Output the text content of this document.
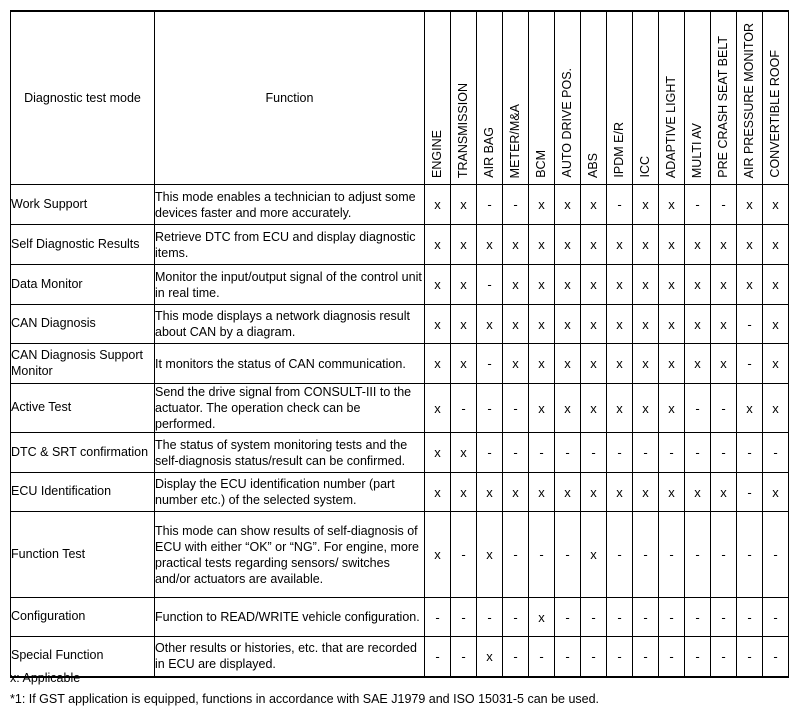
Diagnostic test mode	Function	ENGINE	TRANSMISSION	AIR BAG	METER/M&A	BCM	AUTO DRIVE POS.	ABS	IPDM E/R	ICC	ADAPTIVE LIGHT	MULTI AV	PRE CRASH SEAT BELT	AIR PRESSURE MONITOR	CONVERTIBLE ROOF

Work Support	This mode enables a technician to adjust some devices faster and more accurately.	x	x	-	-	x	x	x	-	x	x	-	-	x	x
Self Diagnostic Results	Retrieve DTC from ECU and display diagnostic items.	x	x	x	x	x	x	x	x	x	x	x	x	x	x
Data Monitor	Monitor the input/output signal of the control unit in real time.	x	x	-	x	x	x	x	x	x	x	x	x	x	x
CAN Diagnosis	This mode displays a network diagnosis result about CAN by a diagram.	x	x	x	x	x	x	x	x	x	x	x	x	-	x
CAN Diagnosis Support Monitor	It monitors the status of CAN communication.	x	x	-	x	x	x	x	x	x	x	x	x	-	x
Active Test	Send the drive signal from CONSULT-III to the actuator. The operation check can be performed.	x	-	-	-	x	x	x	x	x	x	-	-	x	x
DTC & SRT confirmation	The status of system monitoring tests and the self-diagnosis status/result can be confirmed.	x	x	-	-	-	-	-	-	-	-	-	-	-	-
ECU Identification	Display the ECU identification number (part number etc.) of the selected system.	x	x	x	x	x	x	x	x	x	x	x	x	-	x
Function Test	This mode can show results of self-diagnosis of ECU with either “OK” or “NG”. For engine, more practical tests regarding sensors/ switches and/or actuators are available.	x	-	x	-	-	-	x	-	-	-	-	-	-	-
Configuration	Function to READ/WRITE vehicle configuration.	-	-	-	-	x	-	-	-	-	-	-	-	-	-
Special Function	Other results or histories, etc. that are recorded in ECU are displayed.	-	-	x	-	-	-	-	-	-	-	-	-	-	-
x: Applicable
*1: If GST application is equipped, functions in accordance with SAE J1979 and ISO 15031-5 can be used.
